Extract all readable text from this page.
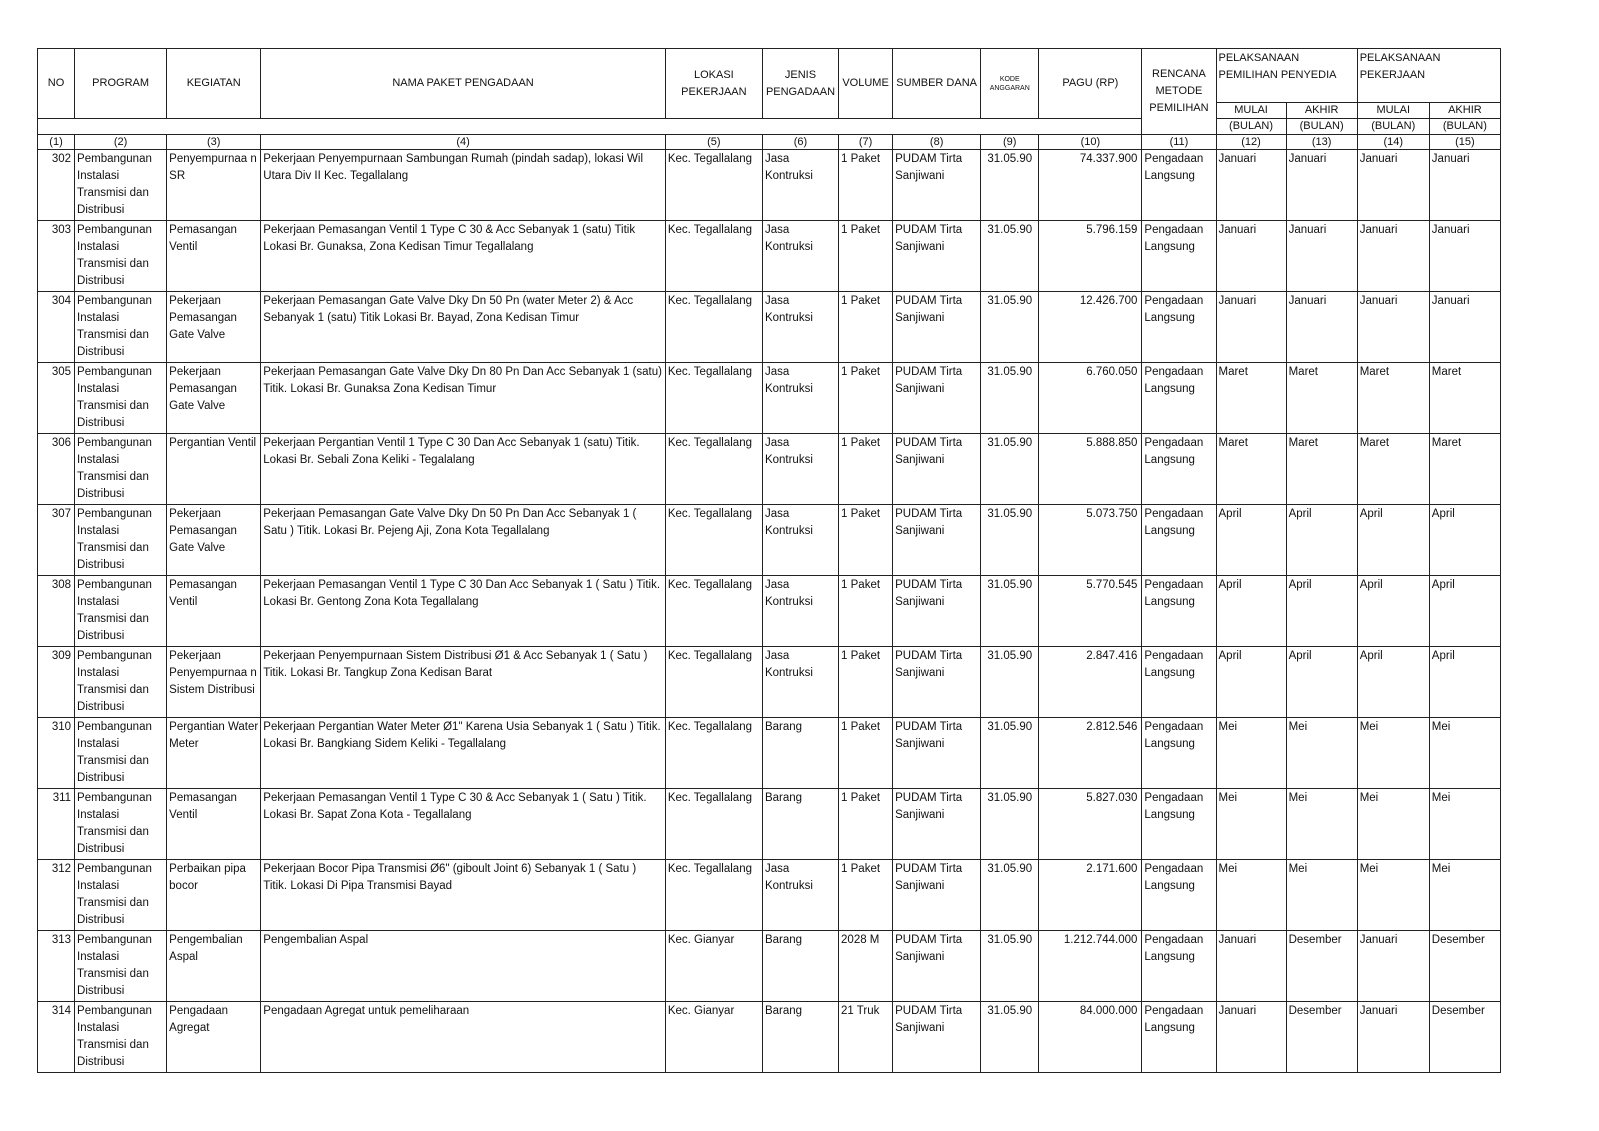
NO	PROGRAM	KEGIATAN	NAMA PAKET PENGADAAN	LOKASI PEKERJAAN	JENIS PENGADAAN	VOLUME	SUMBER DANA	KODE ANGGARAN	PAGU (RP)	RENCANA METODE PEMILIHAN	PELAKSANAAN PEMILIHAN PENYEDIA		PELAKSANAAN PEKERJAAN	
											MULAI	AKHIR	MULAI	AKHIR
											(BULAN)	(BULAN)	(BULAN)	(BULAN)
(1)	(2)	(3)	(4)	(5)	(6)	(7)	(8)	(9)	(10)	(11)	(12)	(13)	(14)	(15)
302	Pembangunan Instalasi Transmisi dan Distribusi	Penyempurnaa n SR	Pekerjaan Penyempurnaan Sambungan Rumah (pindah sadap), lokasi Wil Utara Div II Kec. Tegallalang	Kec. Tegallalang	Jasa Kontruksi	1 Paket	PUDAM Tirta Sanjiwani	31.05.90	74.337.900	Pengadaan Langsung	Januari	Januari	Januari	Januari
303	Pembangunan Instalasi Transmisi dan Distribusi	Pemasangan Ventil	Pekerjaan Pemasangan Ventil 1 Type C 30 & Acc Sebanyak 1 (satu) Titik Lokasi Br. Gunaksa, Zona Kedisan Timur Tegallalang	Kec. Tegallalang	Jasa Kontruksi	1 Paket	PUDAM Tirta Sanjiwani	31.05.90	5.796.159	Pengadaan Langsung	Januari	Januari	Januari	Januari
304	Pembangunan Instalasi Transmisi dan Distribusi	Pekerjaan Pemasangan Gate Valve	Pekerjaan Pemasangan Gate Valve Dky Dn 50 Pn (water Meter 2) & Acc Sebanyak 1 (satu) Titik Lokasi Br. Bayad, Zona Kedisan Timur	Kec. Tegallalang	Jasa Kontruksi	1 Paket	PUDAM Tirta Sanjiwani	31.05.90	12.426.700	Pengadaan Langsung	Januari	Januari	Januari	Januari
305	Pembangunan Instalasi Transmisi dan Distribusi	Pekerjaan Pemasangan Gate Valve	Pekerjaan Pemasangan Gate Valve Dky Dn 80 Pn Dan Acc Sebanyak 1 (satu) Titik. Lokasi Br. Gunaksa Zona Kedisan Timur	Kec. Tegallalang	Jasa Kontruksi	1 Paket	PUDAM Tirta Sanjiwani	31.05.90	6.760.050	Pengadaan Langsung	Maret	Maret	Maret	Maret
306	Pembangunan Instalasi Transmisi dan Distribusi	Pergantian Ventil	Pekerjaan Pergantian Ventil 1 Type C 30 Dan Acc Sebanyak 1 (satu) Titik. Lokasi Br. Sebali Zona Keliki - Tegalalang	Kec. Tegallalang	Jasa Kontruksi	1 Paket	PUDAM Tirta Sanjiwani	31.05.90	5.888.850	Pengadaan Langsung	Maret	Maret	Maret	Maret
307	Pembangunan Instalasi Transmisi dan Distribusi	Pekerjaan Pemasangan Gate Valve	Pekerjaan Pemasangan Gate Valve Dky Dn 50 Pn Dan Acc Sebanyak 1 ( Satu ) Titik. Lokasi Br. Pejeng Aji, Zona Kota Tegallalang	Kec. Tegallalang	Jasa Kontruksi	1 Paket	PUDAM Tirta Sanjiwani	31.05.90	5.073.750	Pengadaan Langsung	April	April	April	April
308	Pembangunan Instalasi Transmisi dan Distribusi	Pemasangan Ventil	Pekerjaan Pemasangan Ventil 1 Type C 30 Dan Acc Sebanyak 1 ( Satu ) Titik. Lokasi Br. Gentong Zona Kota Tegallalang	Kec. Tegallalang	Jasa Kontruksi	1 Paket	PUDAM Tirta Sanjiwani	31.05.90	5.770.545	Pengadaan Langsung	April	April	April	April
309	Pembangunan Instalasi Transmisi dan Distribusi	Pekerjaan Penyempurnaa n Sistem Distribusi	Pekerjaan Penyempurnaan Sistem Distribusi Ø1 & Acc Sebanyak 1 ( Satu ) Titik. Lokasi Br. Tangkup Zona Kedisan Barat	Kec. Tegallalang	Jasa Kontruksi	1 Paket	PUDAM Tirta Sanjiwani	31.05.90	2.847.416	Pengadaan Langsung	April	April	April	April
310	Pembangunan Instalasi Transmisi dan Distribusi	Pergantian Water Meter	Pekerjaan Pergantian Water Meter Ø1" Karena Usia Sebanyak 1 ( Satu ) Titik. Lokasi Br. Bangkiang Sidem Keliki - Tegallalang	Kec. Tegallalang	Barang	1 Paket	PUDAM Tirta Sanjiwani	31.05.90	2.812.546	Pengadaan Langsung	Mei	Mei	Mei	Mei
311	Pembangunan Instalasi Transmisi dan Distribusi	Pemasangan Ventil	Pekerjaan Pemasangan Ventil 1 Type C 30 & Acc Sebanyak 1 ( Satu ) Titik. Lokasi Br. Sapat Zona Kota - Tegallalang	Kec. Tegallalang	Barang	1 Paket	PUDAM Tirta Sanjiwani	31.05.90	5.827.030	Pengadaan Langsung	Mei	Mei	Mei	Mei
312	Pembangunan Instalasi Transmisi dan Distribusi	Perbaikan pipa bocor	Pekerjaan Bocor Pipa Transmisi Ø6" (giboult Joint 6) Sebanyak 1 ( Satu ) Titik. Lokasi Di Pipa Transmisi Bayad	Kec. Tegallalang	Jasa Kontruksi	1 Paket	PUDAM Tirta Sanjiwani	31.05.90	2.171.600	Pengadaan Langsung	Mei	Mei	Mei	Mei
313	Pembangunan Instalasi Transmisi dan Distribusi	Pengembalian Aspal	Pengembalian Aspal	Kec. Gianyar	Barang	2028 M	PUDAM Tirta Sanjiwani	31.05.90	1.212.744.000	Pengadaan Langsung	Januari	Desember	Januari	Desember
314	Pembangunan Instalasi Transmisi dan Distribusi	Pengadaan Agregat	Pengadaan Agregat untuk pemeliharaan	Kec. Gianyar	Barang	21 Truk	PUDAM Tirta Sanjiwani	31.05.90	84.000.000	Pengadaan Langsung	Januari	Desember	Januari	Desember
